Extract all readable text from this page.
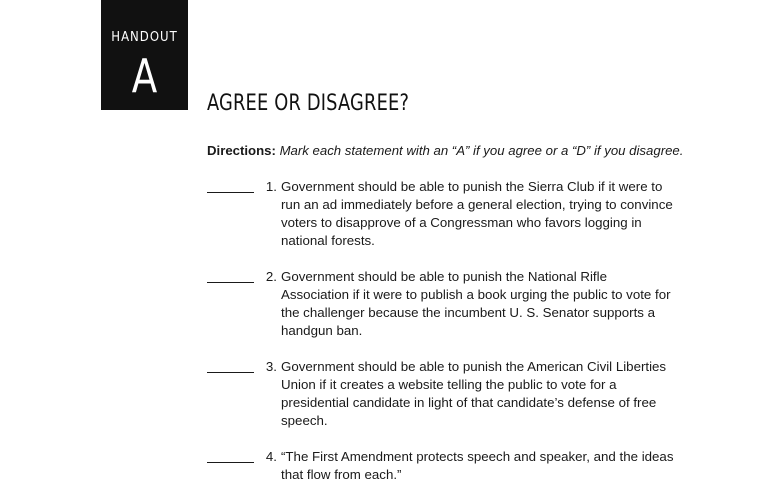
HANDOUT
A
AGREE OR DISAGREE?
Directions: Mark each statement with an “A” if you agree or a “D” if you disagree.
1. Government should be able to punish the Sierra Club if it were to run an ad immediately before a general election, trying to convince voters to disapprove of a Congressman who favors logging in national forests.
2. Government should be able to punish the National Rifle Association if it were to publish a book urging the public to vote for the challenger because the incumbent U. S. Senator supports a handgun ban.
3. Government should be able to punish the American Civil Liberties Union if it creates a website telling the public to vote for a presidential candidate in light of that candidate’s defense of free speech.
4. “The First Amendment protects speech and speaker, and the ideas that flow from each.”
